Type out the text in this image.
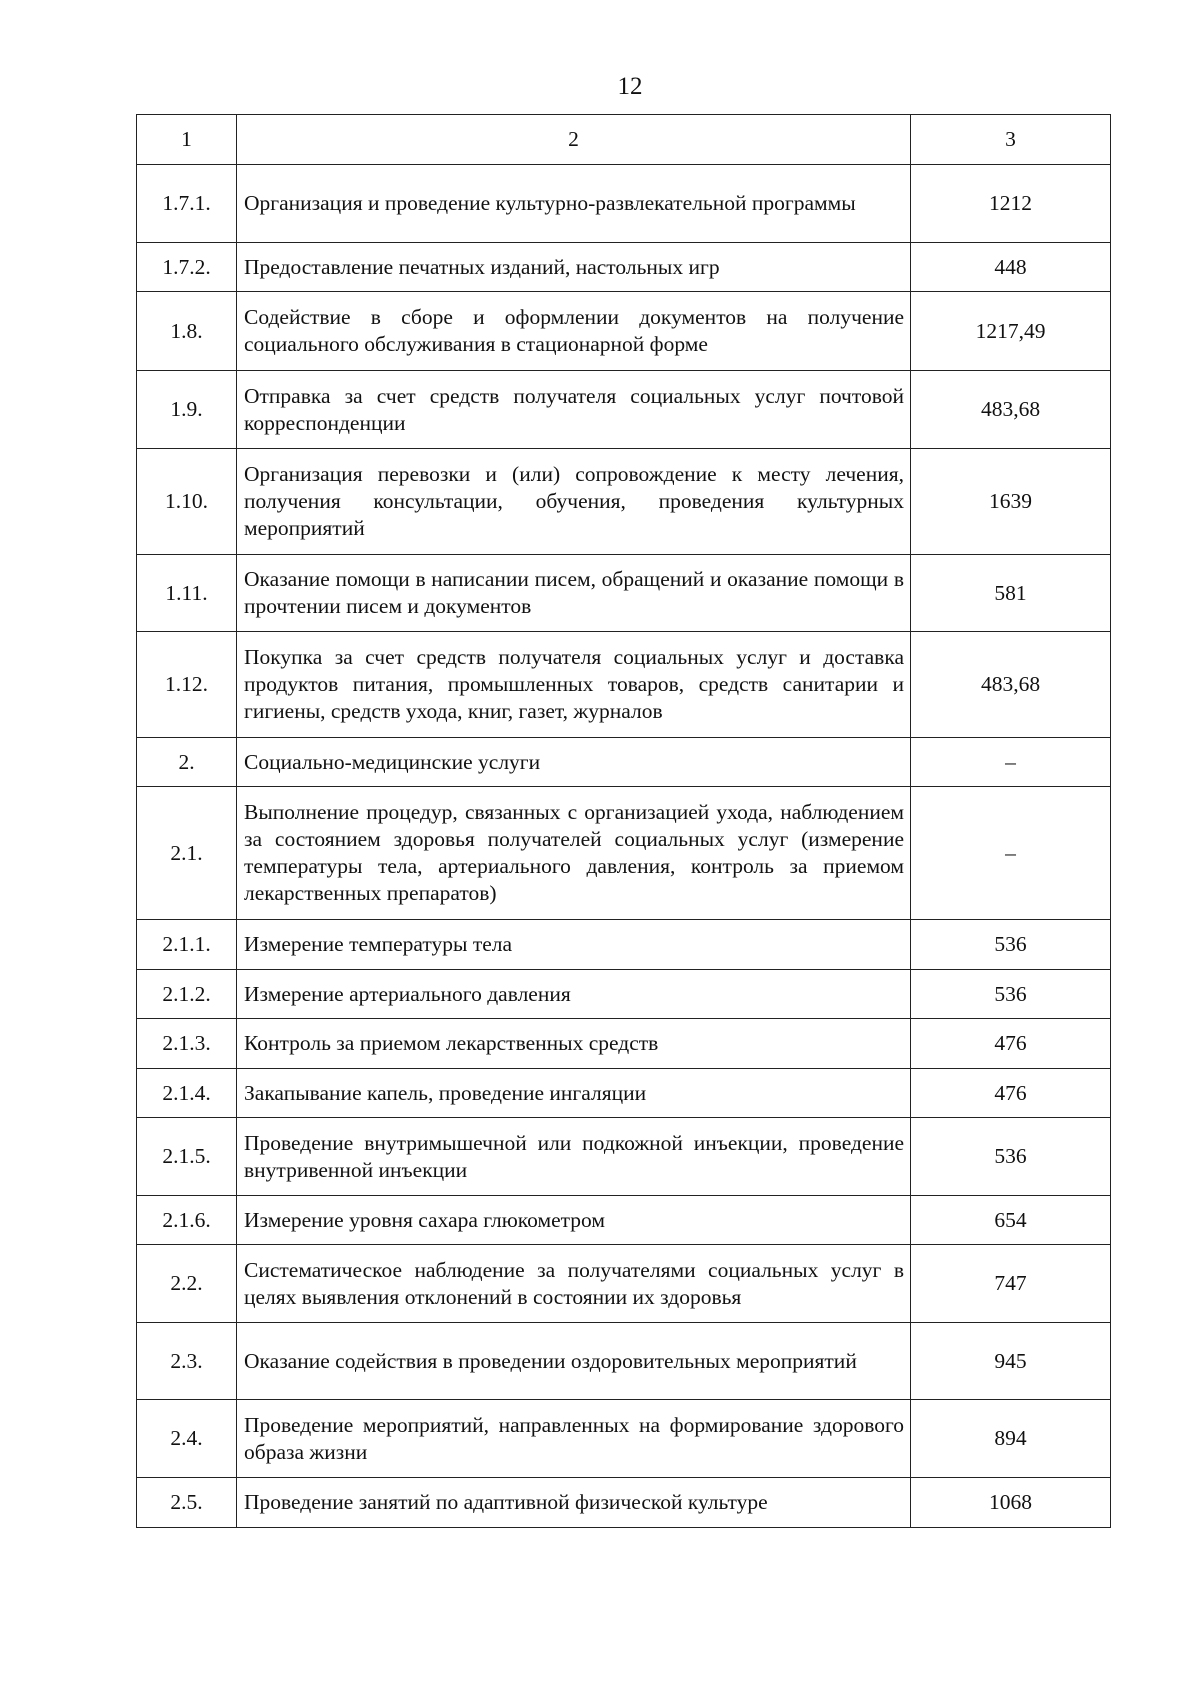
12
1	2	3
1.7.1.	Организация и проведение культурно-развлекательной программы	1212
1.7.2.	Предоставление печатных изданий, настольных игр	448
1.8.	Содействие в сборе и оформлении документов на получение социального обслуживания в стационарной форме	1217,49
1.9.	Отправка за счет средств получателя социальных услуг почтовой корреспонденции	483,68
1.10.	Организация перевозки и (или) сопровождение к месту лечения, получения консультации, обучения, проведения культурных мероприятий	1639
1.11.	Оказание помощи в написании писем, обращений и оказание помощи в прочтении писем и документов	581
1.12.	Покупка за счет средств получателя социальных услуг и доставка продуктов питания, промышленных товаров, средств санитарии и гигиены, средств ухода, книг, газет, журналов	483,68
2.	Социально-медицинские услуги	–
2.1.	Выполнение процедур, связанных с организацией ухода, наблюдением за состоянием здоровья получателей социальных услуг (измерение температуры тела, артериального давления, контроль за приемом лекарственных препаратов)	–
2.1.1.	Измерение температуры тела	536
2.1.2.	Измерение артериального давления	536
2.1.3.	Контроль за приемом лекарственных средств	476
2.1.4.	Закапывание капель, проведение ингаляции	476
2.1.5.	Проведение внутримышечной или подкожной инъекции, проведение внутривенной инъекции	536
2.1.6.	Измерение уровня сахара глюкометром	654
2.2.	Систематическое наблюдение за получателями социальных услуг в целях выявления отклонений в состоянии их здоровья	747
2.3.	Оказание содействия в проведении оздоровительных мероприятий	945
2.4.	Проведение мероприятий, направленных на формирование здорового образа жизни	894
2.5.	Проведение занятий по адаптивной физической культуре	1068
